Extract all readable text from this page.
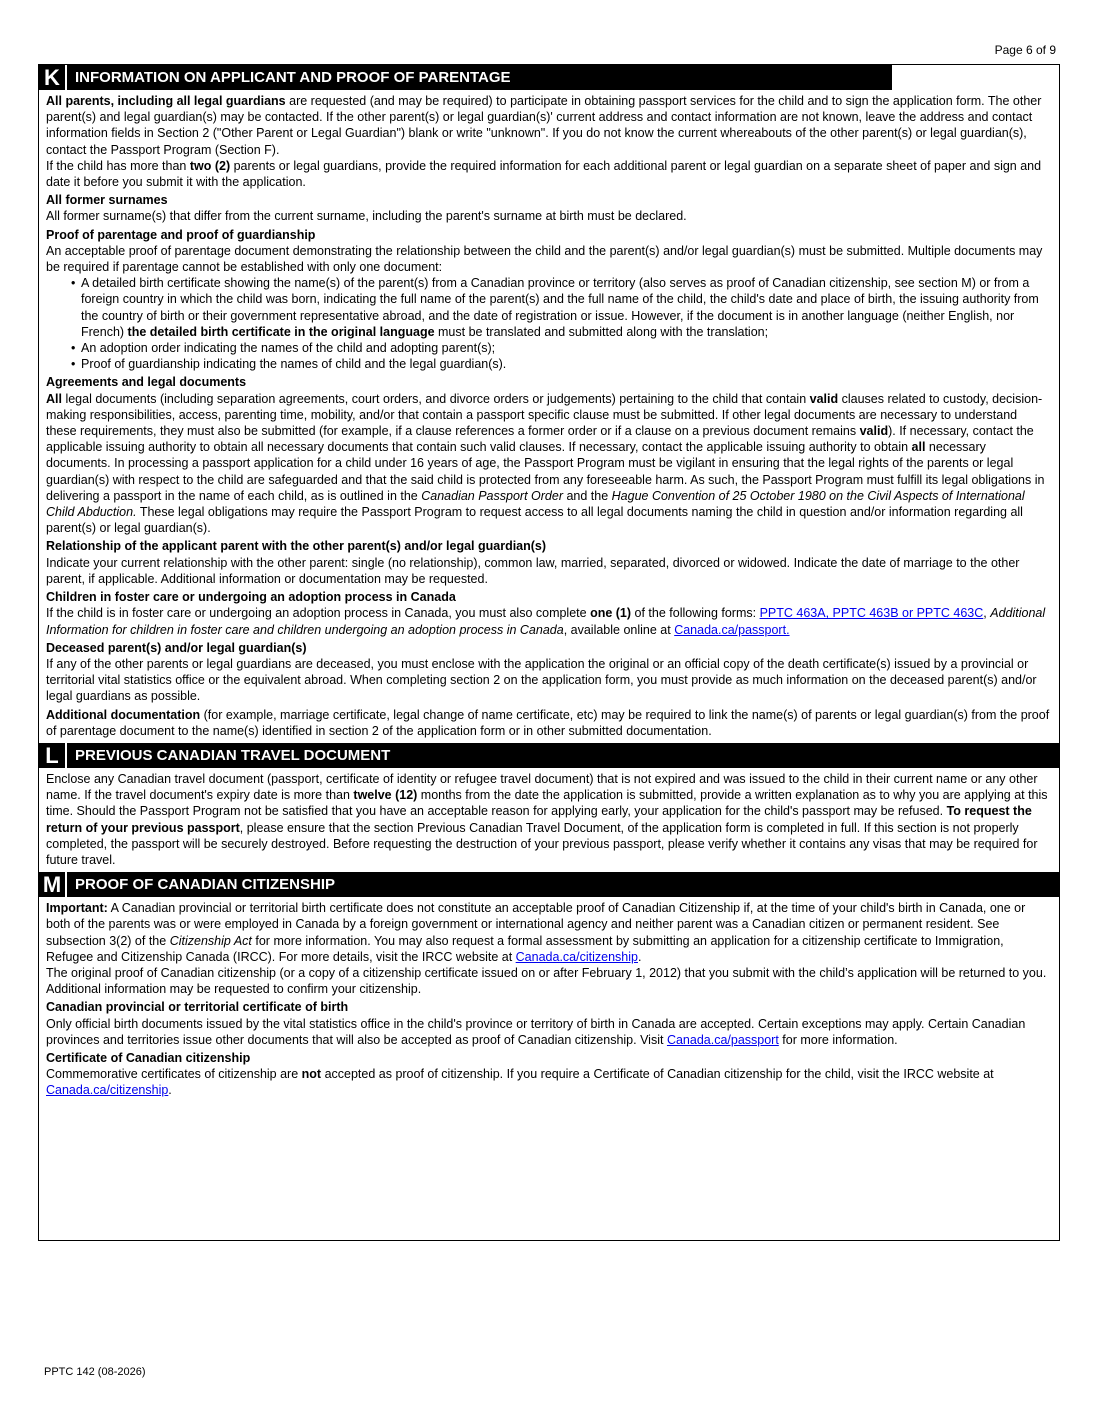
Page 6 of 9
K	INFORMATION ON APPLICANT AND PROOF OF PARENTAGE

All parents, including all legal guardians are requested (and may be required) to participate in obtaining passport services for the child and to sign the application form. The other parent(s) and legal guardian(s) may be contacted. If the other parent(s) or legal guardian(s)' current address and contact information are not known, leave the address and contact information fields in Section 2 ("Other Parent or Legal Guardian") blank or write "unknown". If you do not know the current whereabouts of the other parent(s) or legal guardian(s), contact the Passport Program (Section F).

If the child has more than two (2) parents or legal guardians, provide the required information for each additional parent or legal guardian on a separate sheet of paper and sign and date it before you submit it with the application.

All former surnames

All former surname(s) that differ from the current surname, including the parent's surname at birth must be declared.

Proof of parentage and proof of guardianship

An acceptable proof of parentage document demonstrating the relationship between the child and the parent(s) and/or legal guardian(s) must be submitted. Multiple documents may be required if parentage cannot be established with only one document:

• A detailed birth certificate showing the name(s) of the parent(s) from a Canadian province or territory (also serves as proof of Canadian citizenship, see section M) or from a foreign country in which the child was born, indicating the full name of the parent(s) and the full name of the child, the child's date and place of birth, the issuing authority from the country of birth or their government representative abroad, and the date of registration or issue. However, if the document is in another language (neither English, nor French) the detailed birth certificate in the original language must be translated and submitted along with the translation;
• An adoption order indicating the names of the child and adopting parent(s);
• Proof of guardianship indicating the names of child and the legal guardian(s).

Agreements and legal documents

All legal documents (including separation agreements, court orders, and divorce orders or judgements) pertaining to the child that contain valid clauses related to custody, decision-making responsibilities, access, parenting time, mobility, and/or that contain a passport specific clause must be submitted. If other legal documents are necessary to understand these requirements, they must also be submitted (for example, if a clause references a former order or if a clause on a previous document remains valid). If necessary, contact the applicable issuing authority to obtain all necessary documents that contain such valid clauses. If necessary, contact the applicable issuing authority to obtain all necessary documents. In processing a passport application for a child under 16 years of age, the Passport Program must be vigilant in ensuring that the legal rights of the parents or legal guardian(s) with respect to the child are safeguarded and that the said child is protected from any foreseeable harm. As such, the Passport Program must fulfill its legal obligations in delivering a passport in the name of each child, as is outlined in the Canadian Passport Order and the Hague Convention of 25 October 1980 on the Civil Aspects of International Child Abduction. These legal obligations may require the Passport Program to request access to all legal documents naming the child in question and/or information regarding all parent(s) or legal guardian(s).

Relationship of the applicant parent with the other parent(s) and/or legal guardian(s)

Indicate your current relationship with the other parent: single (no relationship), common law, married, separated, divorced or widowed. Indicate the date of marriage to the other parent, if applicable. Additional information or documentation may be requested.

Children in foster care or undergoing an adoption process in Canada

If the child is in foster care or undergoing an adoption process in Canada, you must also complete one (1) of the following forms: PPTC 463A, PPTC 463B or PPTC 463C, Additional Information for children in foster care and children undergoing an adoption process in Canada, available online at Canada.ca/passport.

Deceased parent(s) and/or legal guardian(s)

If any of the other parents or legal guardians are deceased, you must enclose with the application the original or an official copy of the death certificate(s) issued by a provincial or territorial vital statistics office or the equivalent abroad. When completing section 2 on the application form, you must provide as much information on the deceased parent(s) and/or legal guardians as possible.

Additional documentation (for example, marriage certificate, legal change of name certificate, etc) may be required to link the name(s) of parents or legal guardian(s) from the proof of parentage document to the name(s) identified in section 2 of the application form or in other submitted documentation.

L	PREVIOUS CANADIAN TRAVEL DOCUMENT

Enclose any Canadian travel document (passport, certificate of identity or refugee travel document) that is not expired and was issued to the child in their current name or any other name. If the travel document's expiry date is more than twelve (12) months from the date the application is submitted, provide a written explanation as to why you are applying at this time. Should the Passport Program not be satisfied that you have an acceptable reason for applying early, your application for the child's passport may be refused. To request the return of your previous passport, please ensure that the section Previous Canadian Travel Document, of the application form is completed in full. If this section is not properly completed, the passport will be securely destroyed. Before requesting the destruction of your previous passport, please verify whether it contains any visas that may be required for future travel.

M PROOF OF CANADIAN CITIZENSHIP

Important: A Canadian provincial or territorial birth certificate does not constitute an acceptable proof of Canadian Citizenship if, at the time of your child's birth in Canada, one or both of the parents was or were employed in Canada by a foreign government or international agency and neither parent was a Canadian citizen or permanent resident. See subsection 3(2) of the Citizenship Act for more information. You may also request a formal assessment by submitting an application for a citizenship certificate to Immigration, Refugee and Citizenship Canada (IRCC). For more details, visit the IRCC website at Canada.ca/citizenship.

The original proof of Canadian citizenship (or a copy of a citizenship certificate issued on or after February 1, 2012) that you submit with the child’s application will be returned to you. Additional information may be requested to confirm your citizenship.

Canadian provincial or territorial certificate of birth

Only official birth documents issued by the vital statistics office in the child's province or territory of birth in Canada are accepted. Certain exceptions may apply. Certain Canadian provinces and territories issue other documents that will also be accepted as proof of Canadian citizenship. Visit Canada.ca/passport for more information.

Certificate of Canadian citizenship

Commemorative certificates of citizenship are not accepted as proof of citizenship. If you require a Certificate of Canadian citizenship for the child, visit the IRCC website at Canada.ca/citizenship.

PPTC 142 (08-2026)
